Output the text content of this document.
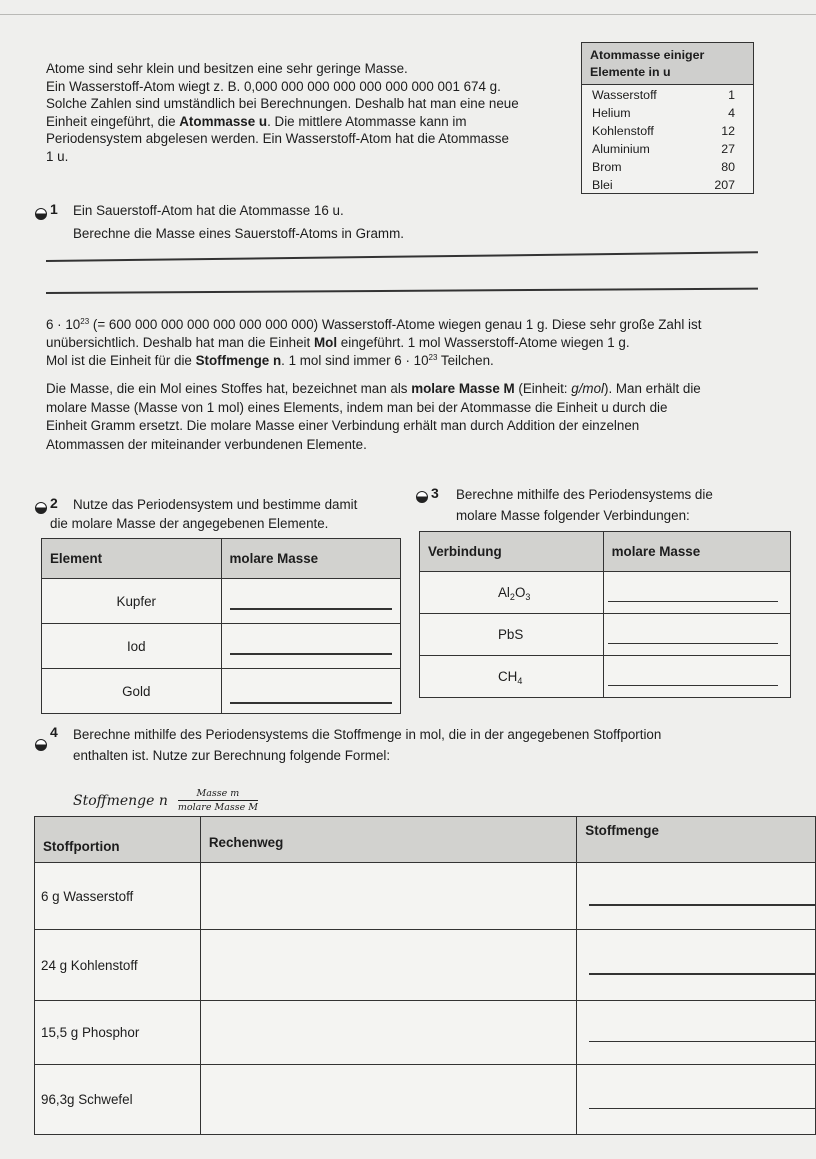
Atome sind sehr klein und besitzen eine sehr geringe Masse.
Ein Wasserstoff-Atom wiegt z. B. 0,000 000 000 000 000 000 000 001 674 g.
Solche Zahlen sind umständlich bei Berechnungen. Deshalb hat man eine neue
Einheit eingeführt, die Atommasse u. Die mittlere Atommasse kann im
Periodensystem abgelesen werden. Ein Wasserstoff-Atom hat die Atommasse
1 u.
Atommasse einiger
Elemente in u
Wasserstoff	1
Helium	4
Kohlenstoff	12
Aluminium	27
Brom	80
Blei	207
1 Ein Sauerstoff-Atom hat die Atommasse 16 u.
Berechne die Masse eines Sauerstoff-Atoms in Gramm.
$6 \cdot 10^{23}$ (= 600 000 000 000 000 000 000 000) Wasserstoff-Atome wiegen genau 1 g. Diese sehr große Zahl ist
unübersichtlich. Deshalb hat man die Einheit Mol eingeführt. 1 mol Wasserstoff-Atome wiegen 1 g.
Mol ist die Einheit für die Stoffmenge n. 1 mol sind immer $6 \cdot 10^{23}$ Teilchen.
Die Masse, die ein Mol eines Stoffes hat, bezeichnet man als molare Masse M (Einheit: g/mol). Man erhält die
molare Masse (Masse von 1 mol) eines Elements, indem man bei der Atommasse die Einheit u durch die
Einheit Gramm ersetzt. Die molare Masse einer Verbindung erhält man durch Addition der einzelnen
Atommassen der miteinander verbundenen Elemente.
2 Nutze das Periodensystem und bestimme damit
die molare Masse der angegebenen Elemente.
Element	molare Masse
Kupfer	

Iod	

Gold	
3 Berechne mithilfe des Periodensystems die
molare Masse folgender Verbindungen:
Verbindung	molare Masse
$Al_2O_3$	

PbS	

$CH_4$	
4 Berechne mithilfe des Periodensystems die Stoffmenge in mol, die in der angegebenen Stoffportion
enthalten ist. Nutze zur Berechnung folgende Formel:
Stoffmenge n $\frac{\text{Masse m}}{\text{molare Masse M}}$
Stoffportion	Rechenweg	Stoffmenge
6 g Wasserstoff		

24 g Kohlenstoff		

15,5 g Phosphor		

96,3g Schwefel		
